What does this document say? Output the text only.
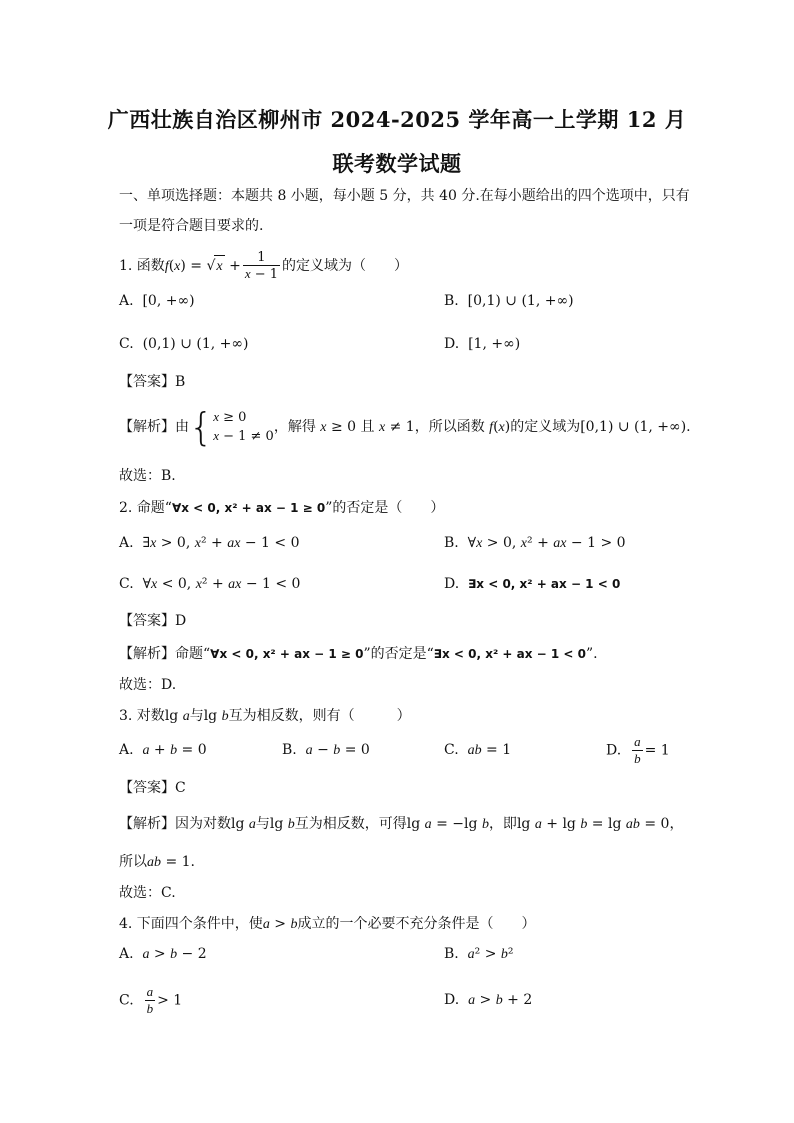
广西壮族自治区柳州市 2024-2025 学年高一上学期 12 月
联考数学试题
一、单项选择题：本题共 8 小题，每小题 5 分，共 40 分.在每小题给出的四个选项中，只有
一项是符合题目要求的.
1. 函数$f(x) = √x + \frac{1}{x - 1}$ 的定义域为（　　）
A.  [0, +∞)	B.  [0,1) ∪ (1, +∞)
C.  (0,1) ∪ (1, +∞)	D.  [1, +∞)
【答案】B
【解析】由{x ≥ 0
x − 1 ≠ 0，解得 x ≥ 0 且 x ≠ 1，所以函数 f(x)的定义域为[0,1) ∪ (1, +∞).
故选：B.
2. 命题“∀x < 0, x² + ax − 1 ≥ 0”的否定是（　　）
A.  ∃x > 0, x² + ax − 1 < 0	B.  ∀x > 0, x² + ax − 1 > 0
C.  ∀x < 0, x² + ax − 1 < 0	D. ∃x < 0, x² + ax − 1 < 0
【答案】D
【解析】命题“∀x < 0, x² + ax − 1 ≥ 0”的否定是“∃x < 0, x² + ax − 1 < 0”.
故选：D.
3. 对数lg a与lg b互为相反数，则有（　　　）
A. a + b = 0	B. a − b = 0	C. ab = 1	D. $\frac{a}{b} = 1$
【答案】C
【解析】因为对数lg a与lg b互为相反数，可得lg a = −lg b，即lg a + lg b = lg ab = 0，
所以ab = 1.
故选：C.
4. 下面四个条件中，使a > b成立的一个必要不充分条件是（　　）
A. a > b − 2	B. a² > b²
C. $\frac{a}{b} > 1$	D. a > b + 2
